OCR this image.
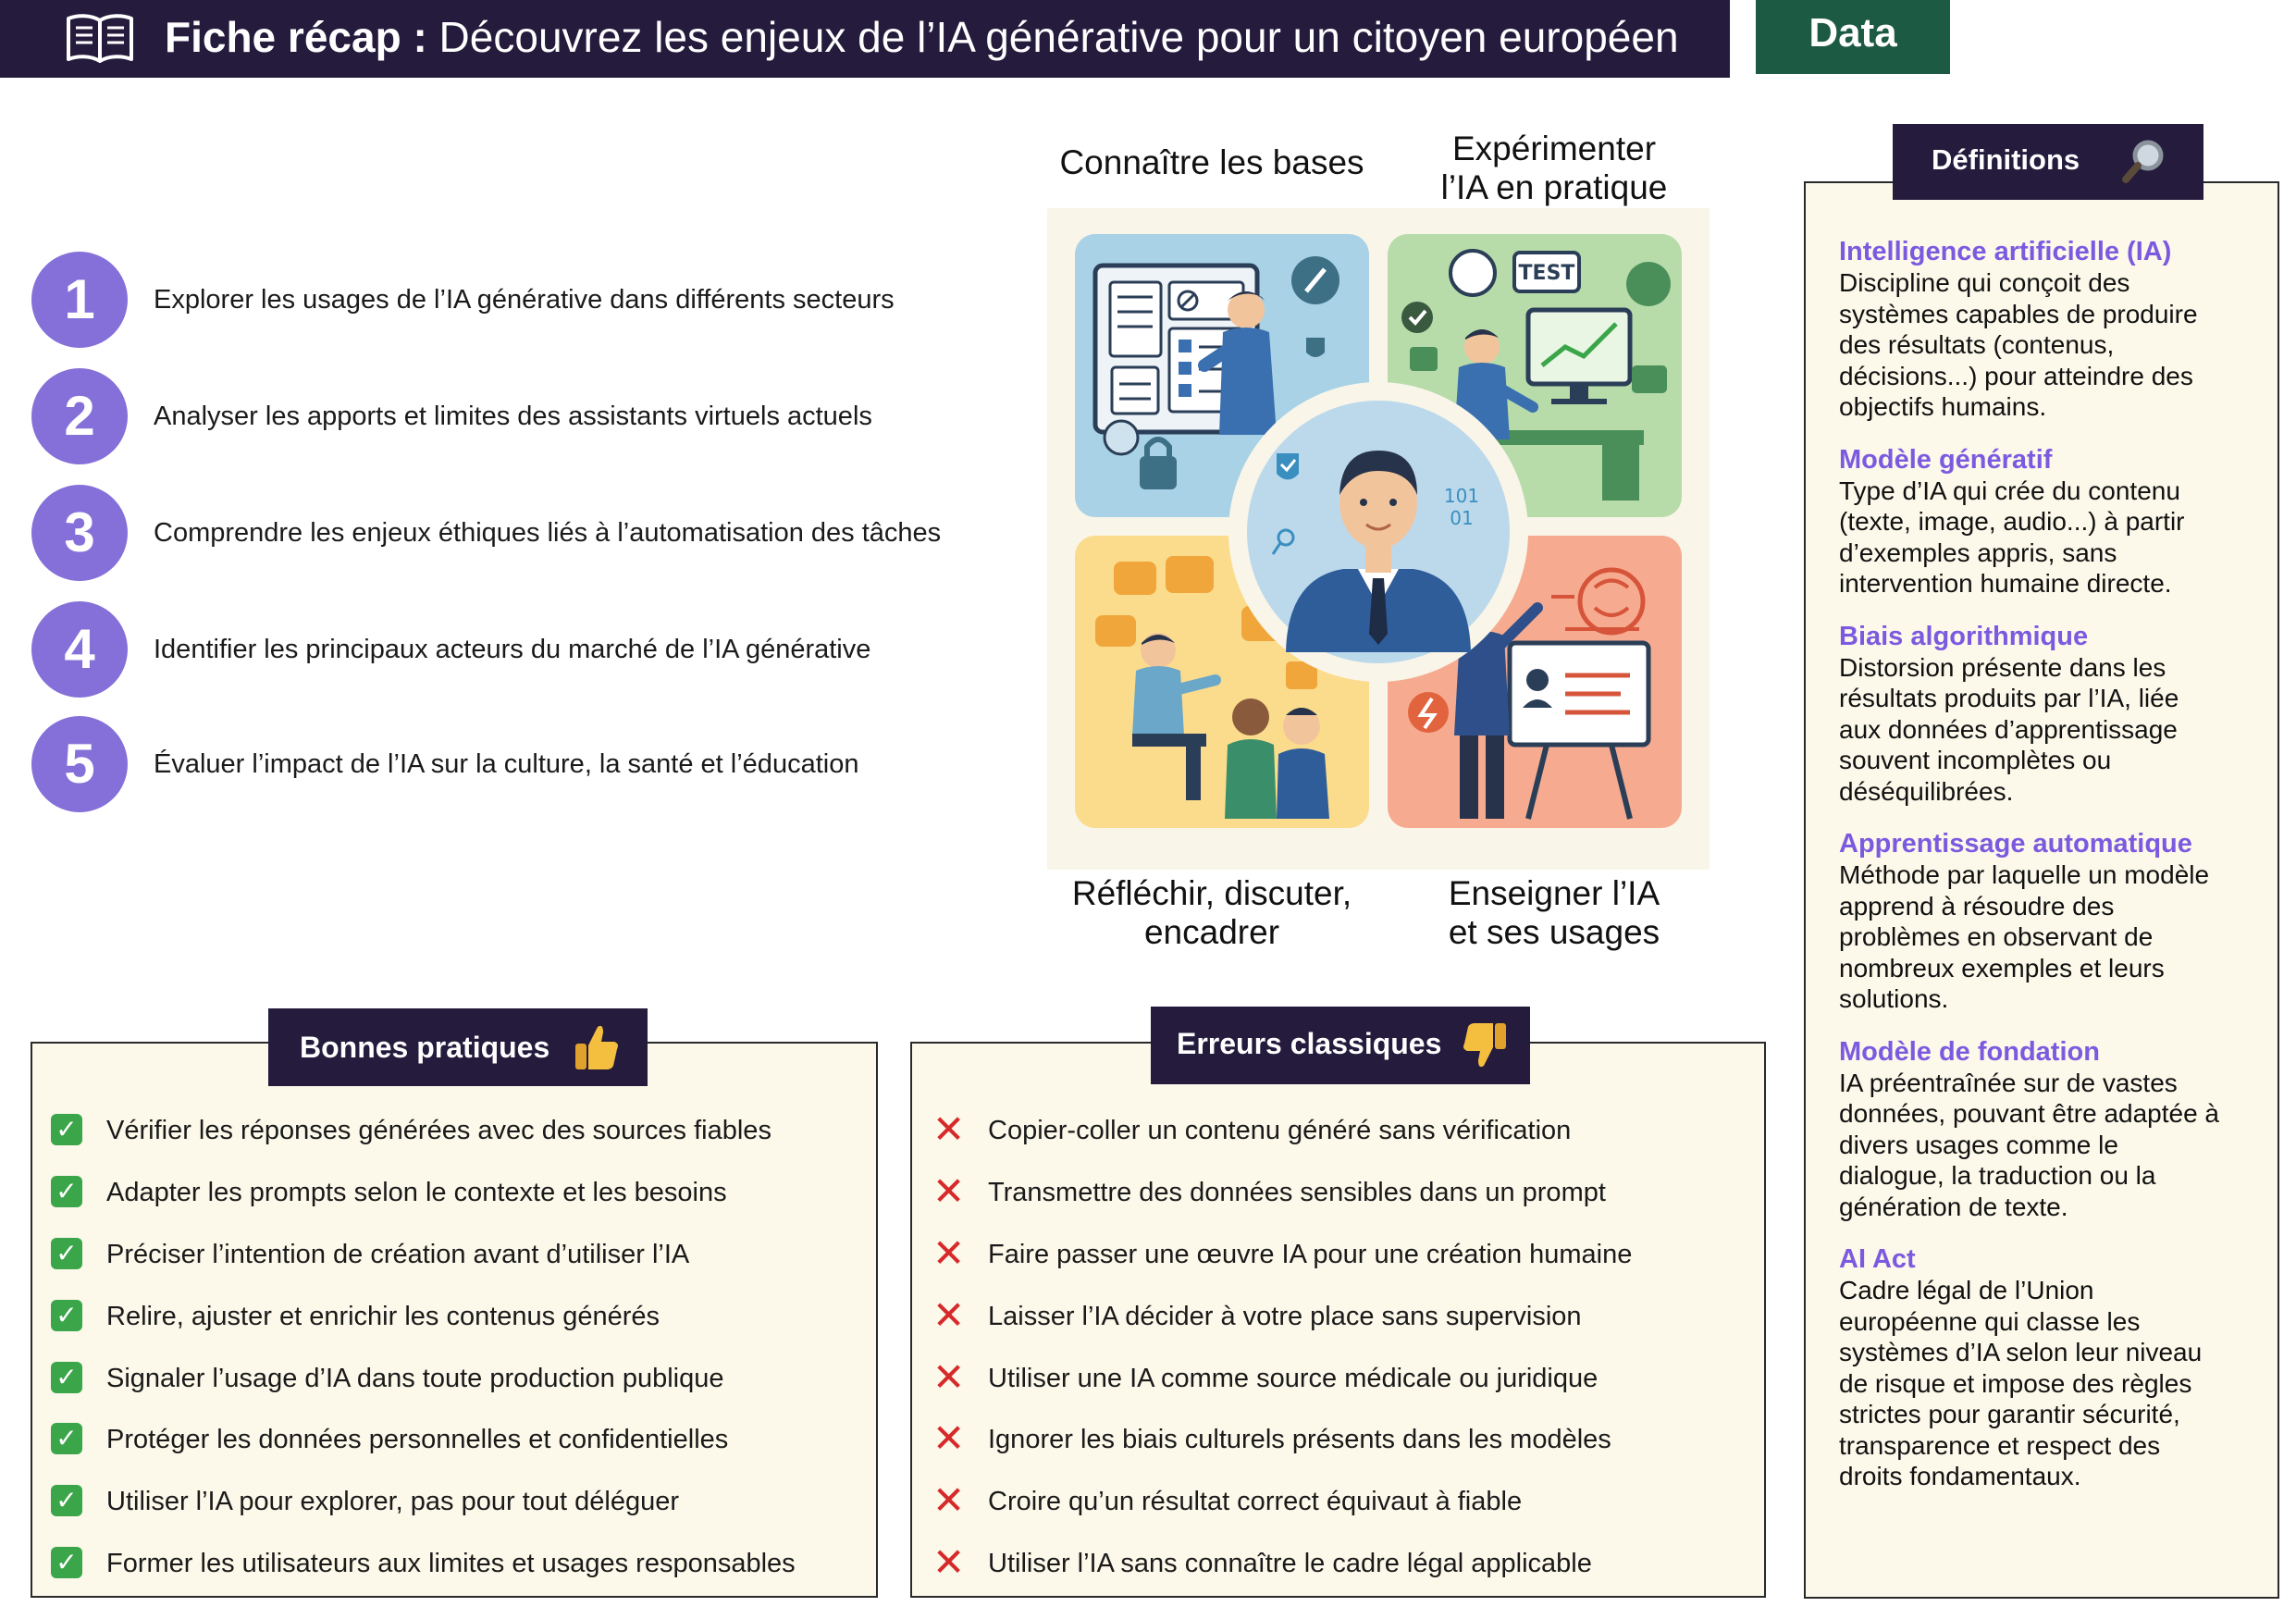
Fiche récap : Découvrez les enjeux de l’IA générative pour un citoyen européen	Data
1	Explorer les usages de l’IA générative dans différents secteurs
2	Analyser les apports et limites des assistants virtuels actuels
3	Comprendre les enjeux éthiques liés à l’automatisation des tâches
4	Identifier les principaux acteurs du marché de l’IA générative
5	Évaluer l’impact de l’IA sur la culture, la santé et l’éducation
Connaître les bases	Expérimenter
l’IA en pratique
Réfléchir, discuter,
encadrer
Enseigner l’IA
et ses usages
TEST
101
01
✓ Vérifier les réponses générées avec des sources fiables
✓ Adapter les prompts selon le contexte et les besoins
✓ Préciser l’intention de création avant d’utiliser l’IA
✓ Relire, ajuster et enrichir les contenus générés
✓ Signaler l’usage d’IA dans toute production publique
✓ Protéger les données personnelles et confidentielles
✓ Utiliser l’IA pour explorer, pas pour tout déléguer
✓ Former les utilisateurs aux limites et usages responsables
Bonnes pratiques
✕ Copier-coller un contenu généré sans vérification
✕ Transmettre des données sensibles dans un prompt
✕ Faire passer une œuvre IA pour une création humaine
✕ Laisser l’IA décider à votre place sans supervision
✕ Utiliser une IA comme source médicale ou juridique
✕ Ignorer les biais culturels présents dans les modèles
✕ Croire qu’un résultat correct équivaut à fiable
✕ Utiliser l’IA sans connaître le cadre légal applicable
Erreurs classiques
Intelligence artificielle (IA)
Discipline qui conçoit des
systèmes capables de produire
des résultats (contenus,
décisions...) pour atteindre des
objectifs humains.
Modèle génératif
Type d’IA qui crée du contenu
(texte, image, audio...) à partir
d’exemples appris, sans
intervention humaine directe.
Biais algorithmique
Distorsion présente dans les
résultats produits par l’IA, liée
aux données d’apprentissage
souvent incomplètes ou
déséquilibrées.
Apprentissage automatique
Méthode par laquelle un modèle
apprend à résoudre des
problèmes en observant de
nombreux exemples et leurs
solutions.
Modèle de fondation
IA préentraînée sur de vastes
données, pouvant être adaptée à
divers usages comme le
dialogue, la traduction ou la
génération de texte.
AI Act
Cadre légal de l’Union
européenne qui classe les
systèmes d’IA selon leur niveau
de risque et impose des règles
strictes pour garantir sécurité,
transparence et respect des
droits fondamentaux.
Définitions
